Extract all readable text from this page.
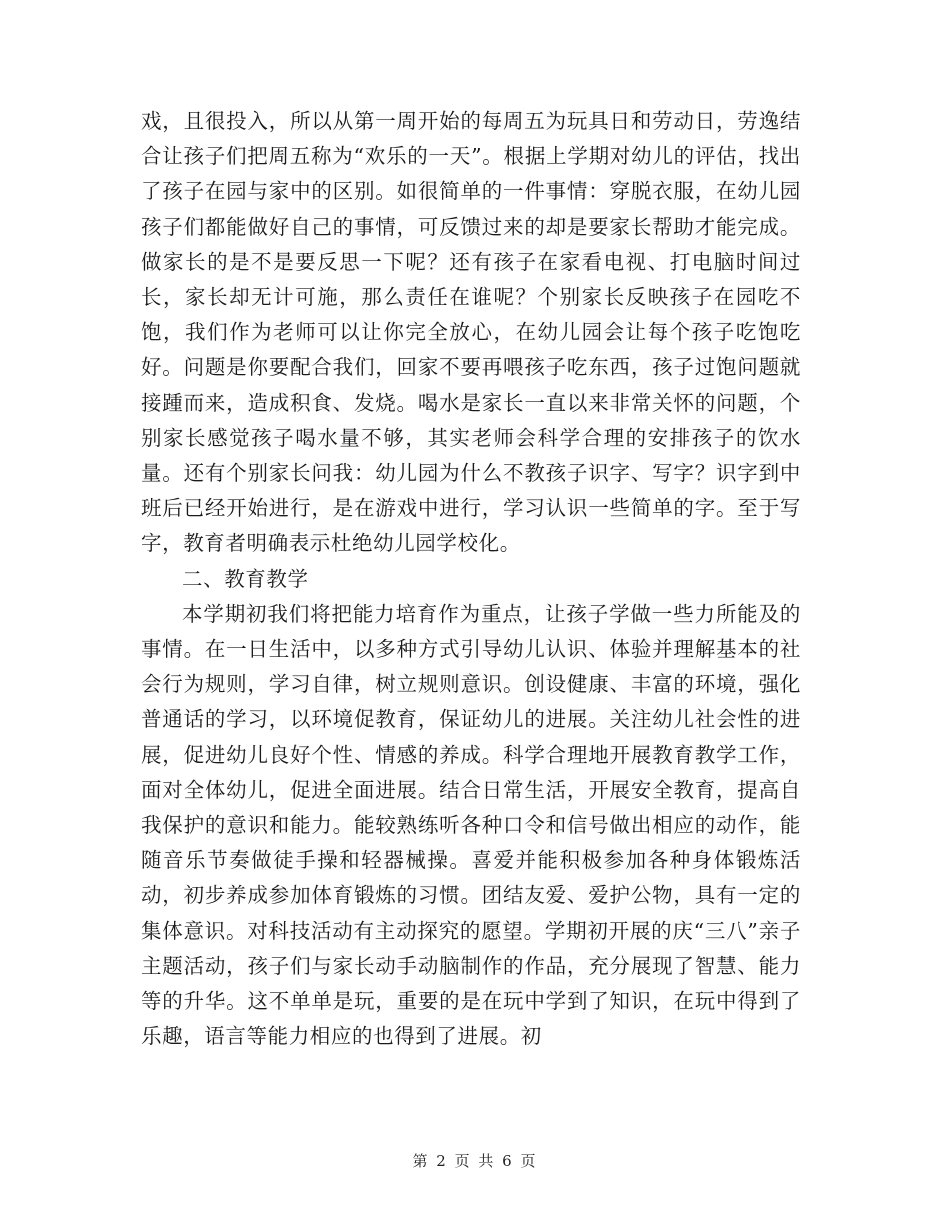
戏，且很投入，所以从第一周开始的每周五为玩具日和劳动日，劳逸结合让孩子们把周五称为“欢乐的一天”。根据上学期对幼儿的评估，找出了孩子在园与家中的区别。如很简单的一件事情：穿脱衣服，在幼儿园孩子们都能做好自己的事情，可反馈过来的却是要家长帮助才能完成。做家长的是不是要反思一下呢？还有孩子在家看电视、打电脑时间过长，家长却无计可施，那么责任在谁呢？个别家长反映孩子在园吃不饱，我们作为老师可以让你完全放心，在幼儿园会让每个孩子吃饱吃好。问题是你要配合我们，回家不要再喂孩子吃东西，孩子过饱问题就接踵而来，造成积食、发烧。喝水是家长一直以来非常关怀的问题，个别家长感觉孩子喝水量不够，其实老师会科学合理的安排孩子的饮水量。还有个别家长问我：幼儿园为什么不教孩子识字、写字？识字到中班后已经开始进行，是在游戏中进行，学习认识一些简单的字。至于写字，教育者明确表示杜绝幼儿园学校化。

二、教育教学

本学期初我们将把能力培育作为重点，让孩子学做一些力所能及的事情。在一日生活中，以多种方式引导幼儿认识、体验并理解基本的社会行为规则，学习自律，树立规则意识。创设健康、丰富的环境，强化普通话的学习，以环境促教育，保证幼儿的进展。关注幼儿社会性的进展，促进幼儿良好个性、情感的养成。科学合理地开展教育教学工作，面对全体幼儿，促进全面进展。结合日常生活，开展安全教育，提高自我保护的意识和能力。能较熟练听各种口令和信号做出相应的动作，能随音乐节奏做徒手操和轻器械操。喜爱并能积极参加各种身体锻炼活动，初步养成参加体育锻炼的习惯。团结友爱、爱护公物，具有一定的集体意识。对科技活动有主动探究的愿望。学期初开展的庆“三八”亲子主题活动，孩子们与家长动手动脑制作的作品，充分展现了智慧、能力等的升华。这不单单是玩，重要的是在玩中学到了知识，在玩中得到了乐趣，语言等能力相应的也得到了进展。初

第 2 页 共 6 页
